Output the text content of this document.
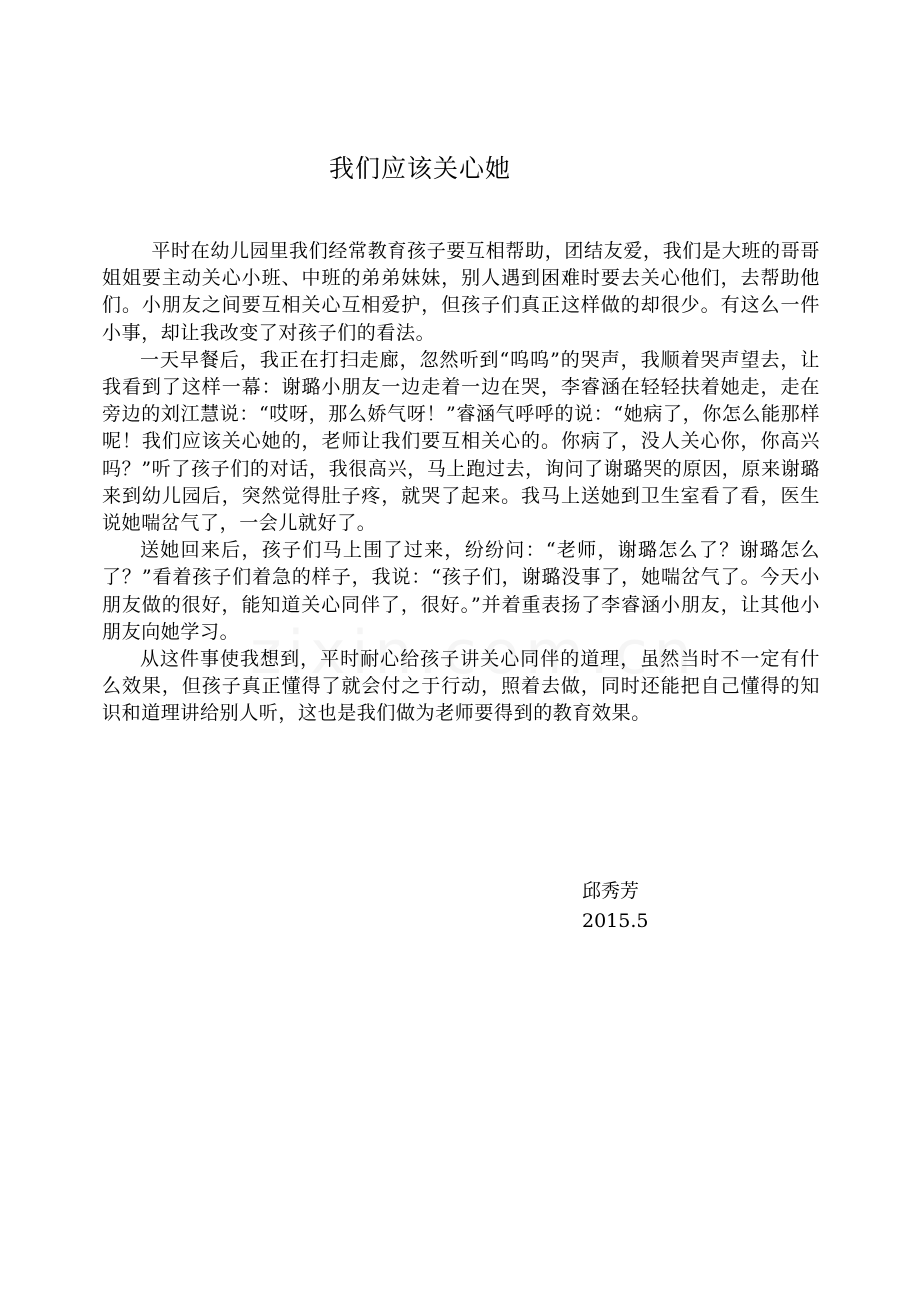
我们应该关心她

平时在幼儿园里我们经常教育孩子要互相帮助，团结友爱，我们是大班的哥哥姐姐要主动关心小班、中班的弟弟妹妹，别人遇到困难时要去关心他们，去帮助他们。小朋友之间要互相关心互相爱护，但孩子们真正这样做的却很少。有这么一件小事，却让我改变了对孩子们的看法。

一天早餐后，我正在打扫走廊，忽然听到“呜呜”的哭声，我顺着哭声望去，让我看到了这样一幕：谢璐小朋友一边走着一边在哭，李睿涵在轻轻扶着她走，走在旁边的刘江慧说：“哎呀，那么娇气呀！”睿涵气呼呼的说：“她病了，你怎么能那样呢！我们应该关心她的，老师让我们要互相关心的。你病了，没人关心你，你高兴吗？”听了孩子们的对话，我很高兴，马上跑过去，询问了谢璐哭的原因，原来谢璐来到幼儿园后，突然觉得肚子疼，就哭了起来。我马上送她到卫生室看了看，医生说她喘岔气了，一会儿就好了。

送她回来后，孩子们马上围了过来，纷纷问：“老师，谢璐怎么了？谢璐怎么了？”看着孩子们着急的样子，我说：“孩子们，谢璐没事了，她喘岔气了。今天小朋友做的很好，能知道关心同伴了，很好。”并着重表扬了李睿涵小朋友，让其他小朋友向她学习。

从这件事使我想到，平时耐心给孩子讲关心同伴的道理，虽然当时不一定有什么效果，但孩子真正懂得了就会付之于行动，照着去做，同时还能把自己懂得的知识和道理讲给别人听，这也是我们做为老师要得到的教育效果。

邱秀芳
2015.5
